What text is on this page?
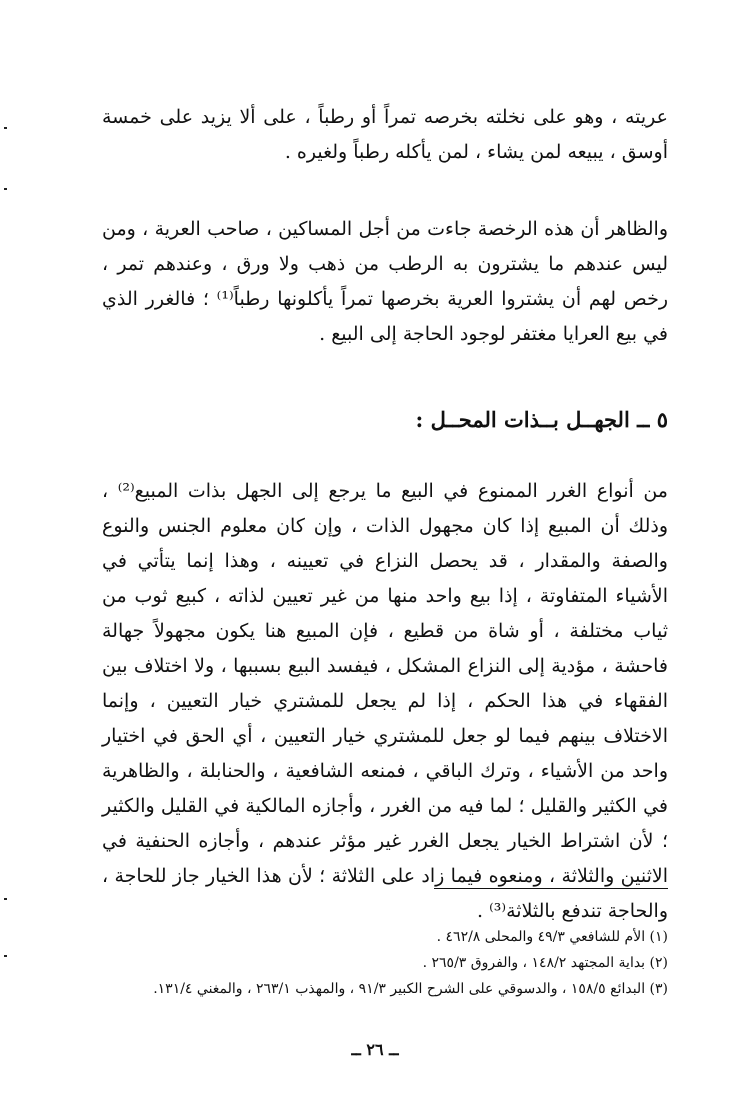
عريته ، وهو على نخلته بخرصه تمراً أو رطباً ، على ألا يزيد على خمسة أوسق ، يبيعه لمن يشاء ، لمن يأكله رطباً ولغيره .

والظاهر أن هذه الرخصة جاءت من أجل المساكين ، صاحب العرية ، ومن ليس عندهم ما يشترون به الرطب من ذهب ولا ورق ، وعندهم تمر ، رخص لهم أن يشتروا العرية بخرصها تمراً يأكلونها رطباً⁽¹⁾ ؛ فالغرر الذي في بيع العرايا مغتفر لوجود الحاجة إلى البيع .

٥ ــ الجهــل بــذات المحــل :

من أنواع الغرر الممنوع في البيع ما يرجع إلى الجهل بذات المبيع⁽²⁾ ، وذلك أن المبيع إذا كان مجهول الذات ، وإن كان معلوم الجنس والنوع والصفة والمقدار ، قد يحصل النزاع في تعيينه ، وهذا إنما يتأتي في الأشياء المتفاوتة ، إذا بيع واحد منها من غير تعيين لذاته ، كبيع ثوب من ثياب مختلفة ، أو شاة من قطيع ، فإن المبيع هنا يكون مجهولاً جهالة فاحشة ، مؤدية إلى النزاع المشكل ، فيفسد البيع بسببها ، ولا اختلاف بين الفقهاء في هذا الحكم ، إذا لم يجعل للمشتري خيار التعيين ، وإنما الاختلاف بينهم فيما لو جعل للمشتري خيار التعيين ، أي الحق في اختيار واحد من الأشياء ، وترك الباقي ، فمنعه الشافعية ، والحنابلة ، والظاهرية في الكثير والقليل ؛ لما فيه من الغرر ، وأجازه المالكية في القليل والكثير ؛ لأن اشتراط الخيار يجعل الغرر غير مؤثر عندهم ، وأجازه الحنفية في الاثنين والثلاثة ، ومنعوه فيما زاد على الثلاثة ؛ لأن هذا الخيار جاز للحاجة ، والحاجة تندفع بالثلاثة⁽³⁾ .

(١) الأم للشافعي ٤٩/٣ والمحلى ٤٦٢/٨ .
(٢) بداية المجتهد ١٤٨/٢ ، والفروق ٢٦٥/٣ .
(٣) البدائع ١٥٨/٥ ، والدسوقي على الشرح الكبير ٩١/٣ ، والمهذب ٢٦٣/١ ، والمغني ١٣١/٤.
ــ ٢٦ ــ
